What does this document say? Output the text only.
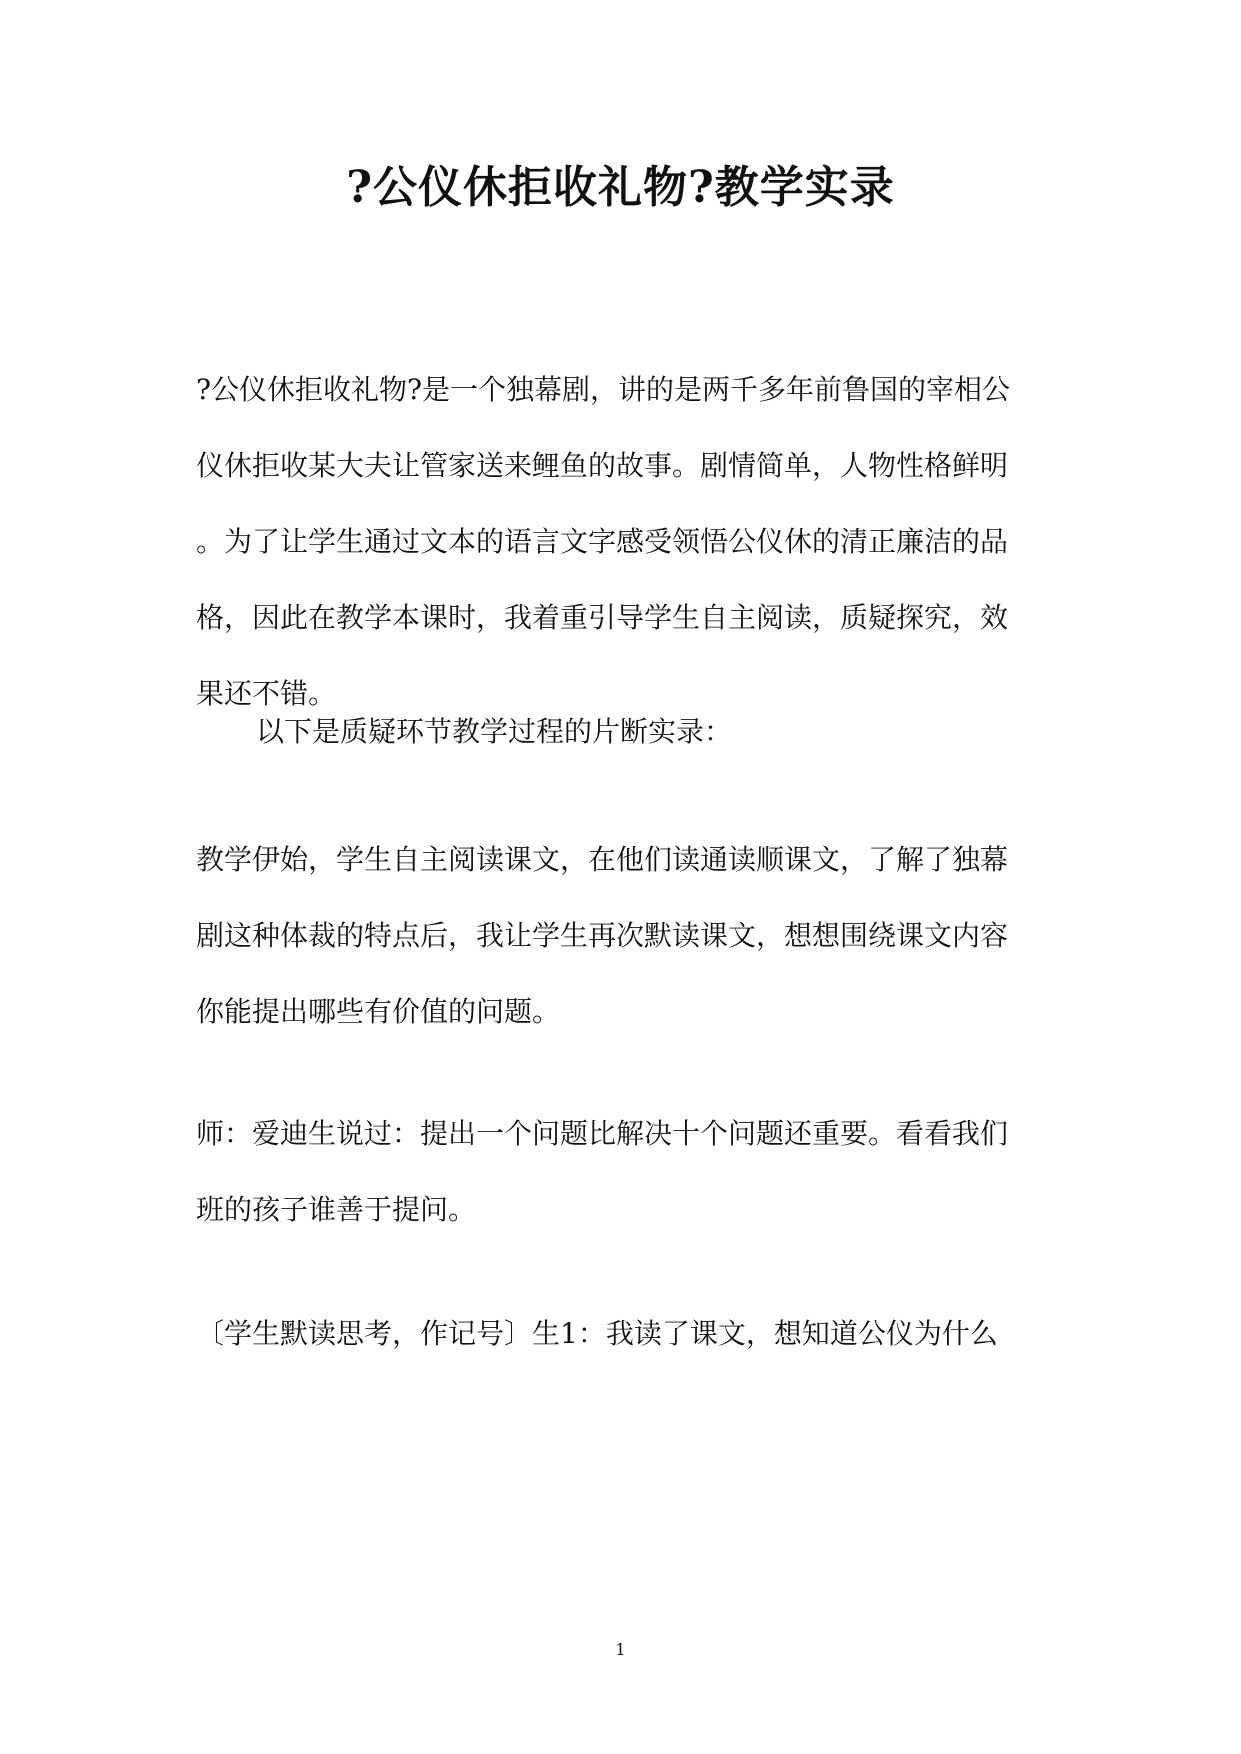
?公仪休拒收礼物?教学实录
?公仪休拒收礼物?是一个独幕剧，讲的是两千多年前鲁国的宰相公
仪休拒收某大夫让管家送来鲤鱼的故事。剧情简单，人物性格鲜明
。为了让学生通过文本的语言文字感受领悟公仪休的清正廉洁的品
格，因此在教学本课时，我着重引导学生自主阅读，质疑探究，效
果还不错。
以下是质疑环节教学过程的片断实录：
教学伊始，学生自主阅读课文，在他们读通读顺课文，了解了独幕
剧这种体裁的特点后，我让学生再次默读课文，想想围绕课文内容
你能提出哪些有价值的问题。
师：爱迪生说过：提出一个问题比解决十个问题还重要。看看我们
班的孩子谁善于提问。
〔学生默读思考，作记号〕生1：我读了课文，想知道公仪为什么
1
